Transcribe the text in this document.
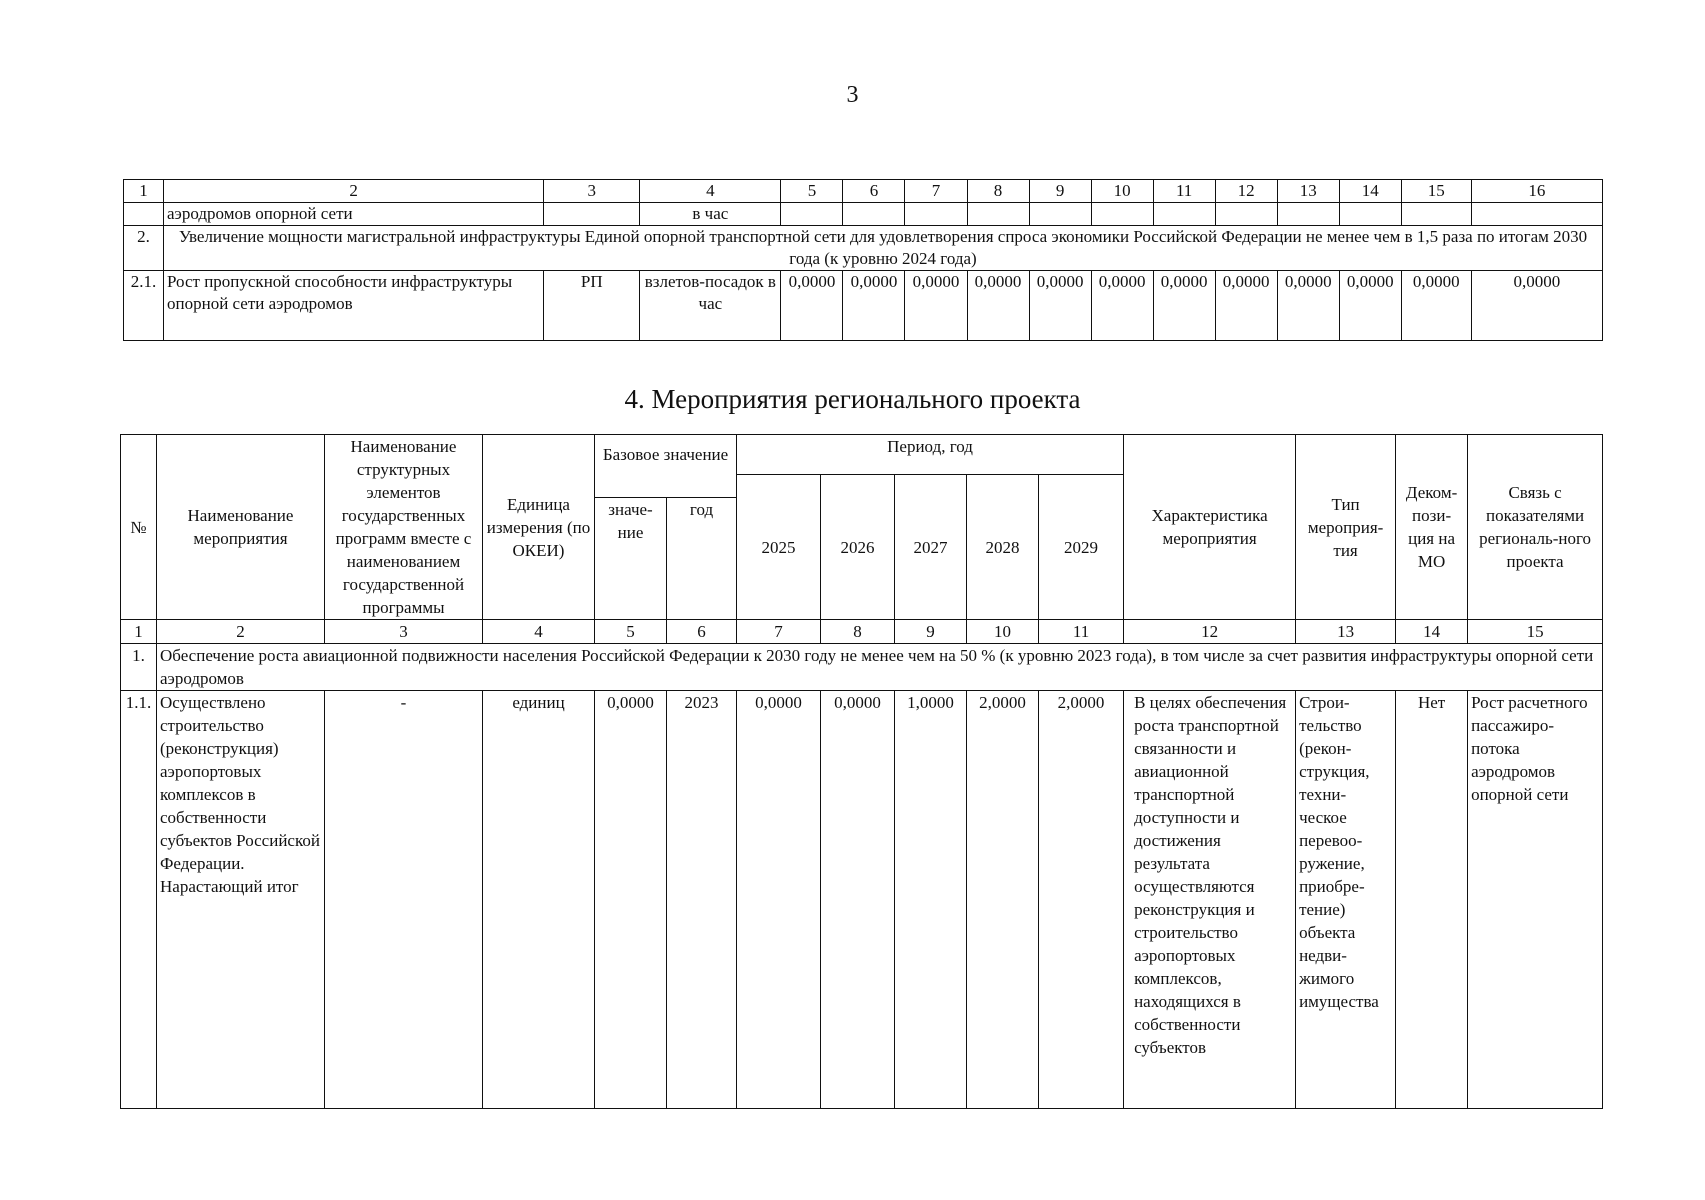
3
1	2	3	4	5	6	7	8	9	10	11	12	13	14	15	16
	аэродромов опорной сети		в час												
2.	Увеличение мощности магистральной инфраструктуры Единой опорной транспортной сети для удовлетворения спроса экономики Российской Федерации не менее чем в 1,5 раза по итогам 2030 года (к уровню 2024 года)														
2.1.	Рост пропускной способности инфраструктуры опорной сети аэродромов	РП	взлетов-посадок в час	0,0000	0,0000	0,0000	0,0000	0,0000	0,0000	0,0000	0,0000	0,0000	0,0000	0,0000	0,0000
4. Мероприятия регионального проекта
№	Наименование мероприятия	Наименование структурных элементов государственных программ вместе с наименованием государственной программы	Единица измерения (по ОКЕИ)	Базовое значение		Период, год					Характеристика мероприятия	Тип мероприя-тия	Деком-пози-ция на МО	Связь с показателями региональ-ного проекта
						2025	2026	2027	2028	2029				
				значе-ние	год									
1	2	3	4	5	6	7	8	9	10	11	12	13	14	15
1.	Обеспечение роста авиационной подвижности населения Российской Федерации к 2030 году не менее чем на 50 % (к уровню 2023 года), в том числе за счет развития инфраструктуры опорной сети аэродромов													
1.1.	Осуществлено строительство (реконструкция) аэропортовых комплексов в собственности субъектов Российской Федерации. Нарастающий итог	-	единиц	0,0000	2023	0,0000	0,0000	1,0000	2,0000	2,0000	В целях обеспечения роста транспортной связанности и авиационной транспортной доступности и достижения результата осуществляются реконструкция и строительство аэропортовых комплексов, находящихся в собственности субъектов	Строи-тельство (рекон-струкция, техни-ческое перевоо-ружение, приобре-тение) объекта недви-жимого имущества	Нет	Рост расчетного пассажиро-потока аэродромов опорной сети
